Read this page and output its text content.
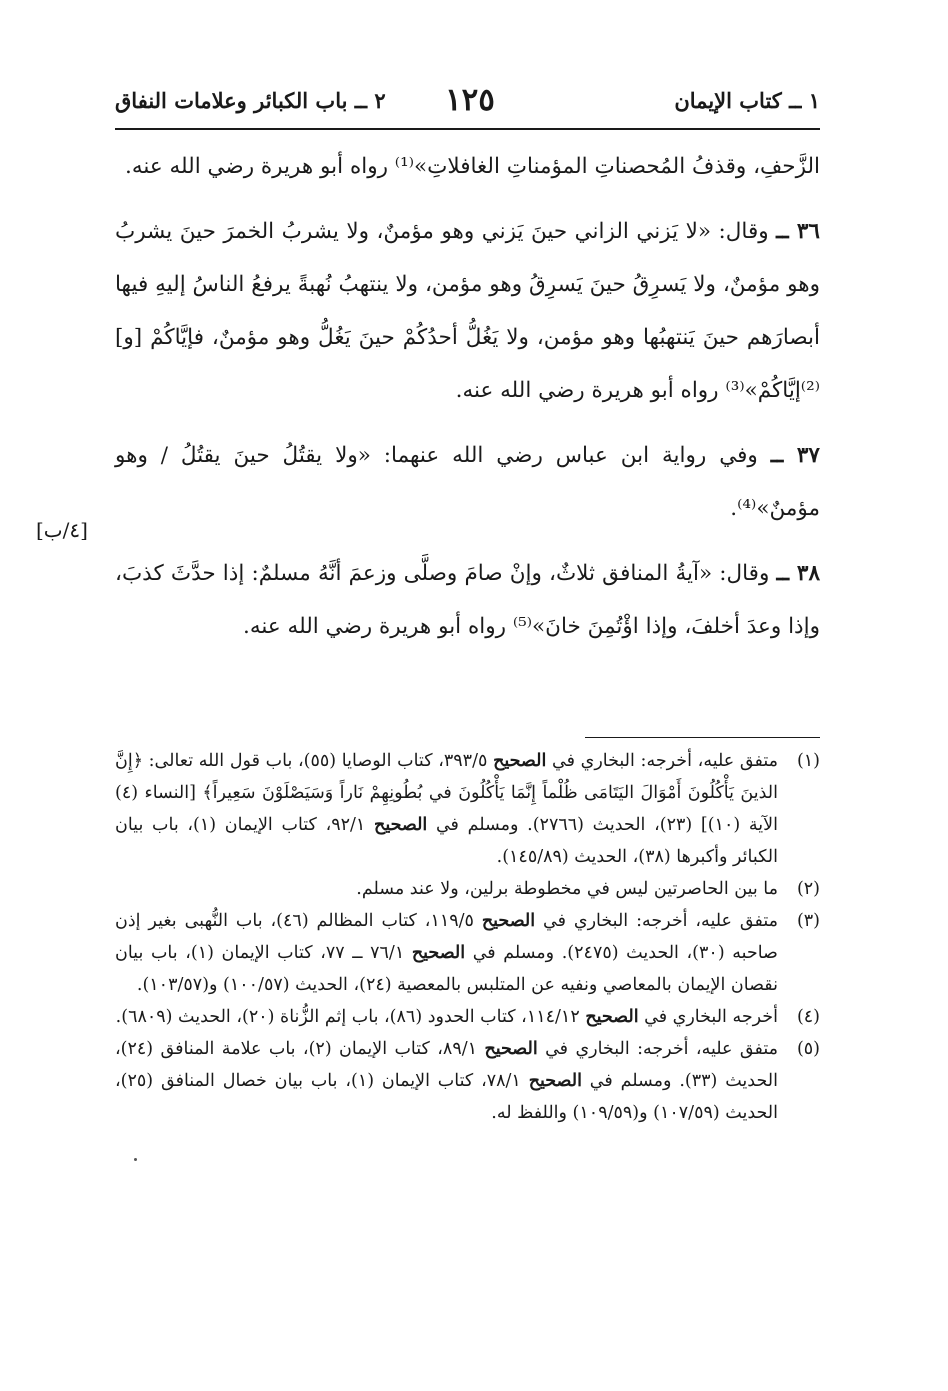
١ ــ كتاب الإيمان
١٢٥
٢ ــ باب الكبائر وعلامات النفاق
[٤/ب]

الزَّحفِ، وقذفُ المُحصناتِ المؤمناتِ الغافلاتِ»⁽¹⁾ رواه أبو هريرة رضي الله عنه.

٣٦ ــ وقال: «لا يَزني الزاني حينَ يَزني وهو مؤمنٌ، ولا يشربُ الخمرَ حينَ يشربُ وهو مؤمنٌ، ولا يَسرِقُ حينَ يَسرِقُ وهو مؤمن، ولا ينتهبُ نُهبةً يرفعُ الناسُ إليهِ فيها أبصارَهم حينَ يَنتهبُها وهو مؤمن، ولا يَغُلُّ أحدُكُمْ حينَ يَغُلُّ وهو مؤمنٌ، فإيَّاكُمْ [و]⁽²⁾إيَّاكُمْ»⁽³⁾ رواه أبو هريرة رضي الله عنه.

٣٧ ــ وفي رواية ابن عباس رضي الله عنهما: «ولا يقتُلُ حينَ يقتُلُ / وهو مؤمنٌ»⁽⁴⁾.

٣٨ ــ وقال: «آيةُ المنافق ثلاثٌ، وإنْ صامَ وصلَّى وزعمَ أنَّهُ مسلمٌ: إذا حدَّثَ كذبَ، وإذا وعدَ أخلفَ، وإذا اؤْتُمِنَ خانَ»⁽⁵⁾ رواه أبو هريرة رضي الله عنه.

(١)
متفق عليه، أخرجه: البخاري في الصحيح ٣٩٣/٥، كتاب الوصايا (٥٥)، باب قول الله تعالى: ﴿إِنَّ الذينَ يَأْكُلُونَ أَمْوَالَ اليَتَامَى ظُلْماً إِنَّمَا يَأْكُلُونَ في بُطُونِهِمْ نَاراً وَسَيَصْلَوْنَ سَعِيراً﴾ [النساء (٤) الآية (١٠)] (٢٣)، الحديث (٢٧٦٦). ومسلم في الصحيح ٩٢/١، كتاب الإيمان (١)، باب بيان الكبائر وأكبرها (٣٨)، الحديث (١٤٥/٨٩).
(٢)
ما بين الحاصرتين ليس في مخطوطة برلين، ولا عند مسلم.
(٣)
متفق عليه، أخرجه: البخاري في الصحيح ١١٩/٥، كتاب المظالم (٤٦)، باب النُّهبى بغير إذن صاحبه (٣٠)، الحديث (٢٤٧٥). ومسلم في الصحيح ٧٦/١ ــ ٧٧، كتاب الإيمان (١)، باب بيان نقصان الإيمان بالمعاصي ونفيه عن المتلبس بالمعصية (٢٤)، الحديث (١٠٠/٥٧) و(١٠٣/٥٧).
(٤)
أخرجه البخاري في الصحيح ١١٤/١٢، كتاب الحدود (٨٦)، باب إثم الزُّناة (٢٠)، الحديث (٦٨٠٩).
(٥)
متفق عليه، أخرجه: البخاري في الصحيح ٨٩/١، كتاب الإيمان (٢)، باب علامة المنافق (٢٤)، الحديث (٣٣). ومسلم في الصحيح ٧٨/١، كتاب الإيمان (١)، باب بيان خصال المنافق (٢٥)، الحديث (١٠٧/٥٩) و(١٠٩/٥٩) واللفظ له.
